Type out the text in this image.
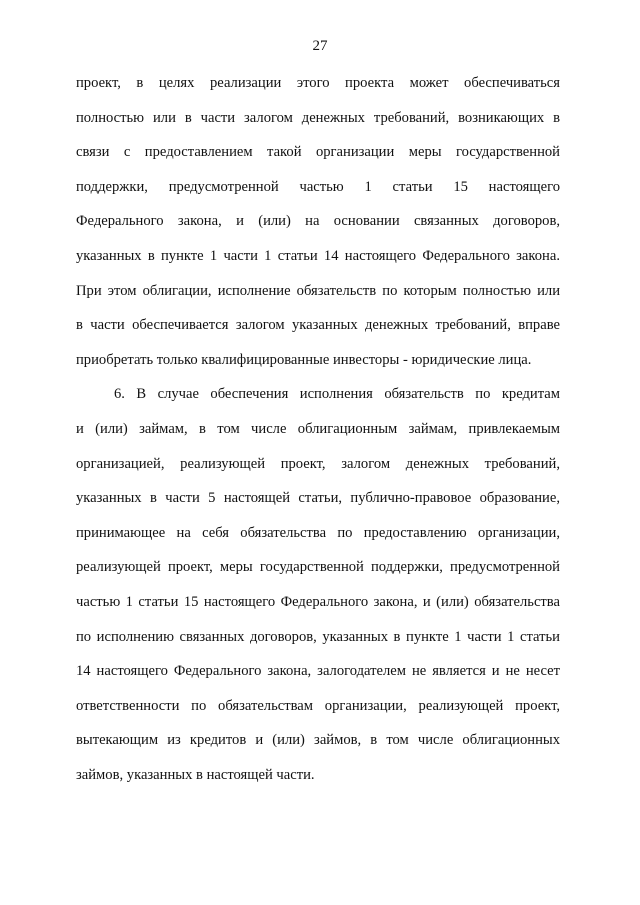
27
проект, в целях реализации этого проекта может обеспечиваться
полностью или в части залогом денежных требований, возникающих в
связи с предоставлением такой организации меры государственной
поддержки, предусмотренной частью 1 статьи 15 настоящего
Федерального закона, и (или) на основании связанных договоров,
указанных в пункте 1 части 1 статьи 14 настоящего Федерального закона.
При этом облигации, исполнение обязательств по которым полностью или
в части обеспечивается залогом указанных денежных требований, вправе
приобретать только квалифицированные инвесторы - юридические лица.
6. В случае обеспечения исполнения обязательств по кредитам
и (или) займам, в том числе облигационным займам, привлекаемым
организацией, реализующей проект, залогом денежных требований,
указанных в части 5 настоящей статьи, публично-правовое образование,
принимающее на себя обязательства по предоставлению организации,
реализующей проект, меры государственной поддержки, предусмотренной
частью 1 статьи 15 настоящего Федерального закона, и (или) обязательства
по исполнению связанных договоров, указанных в пункте 1 части 1 статьи
14 настоящего Федерального закона, залогодателем не является и не несет
ответственности по обязательствам организации, реализующей проект,
вытекающим из кредитов и (или) займов, в том числе облигационных
займов, указанных в настоящей части.
